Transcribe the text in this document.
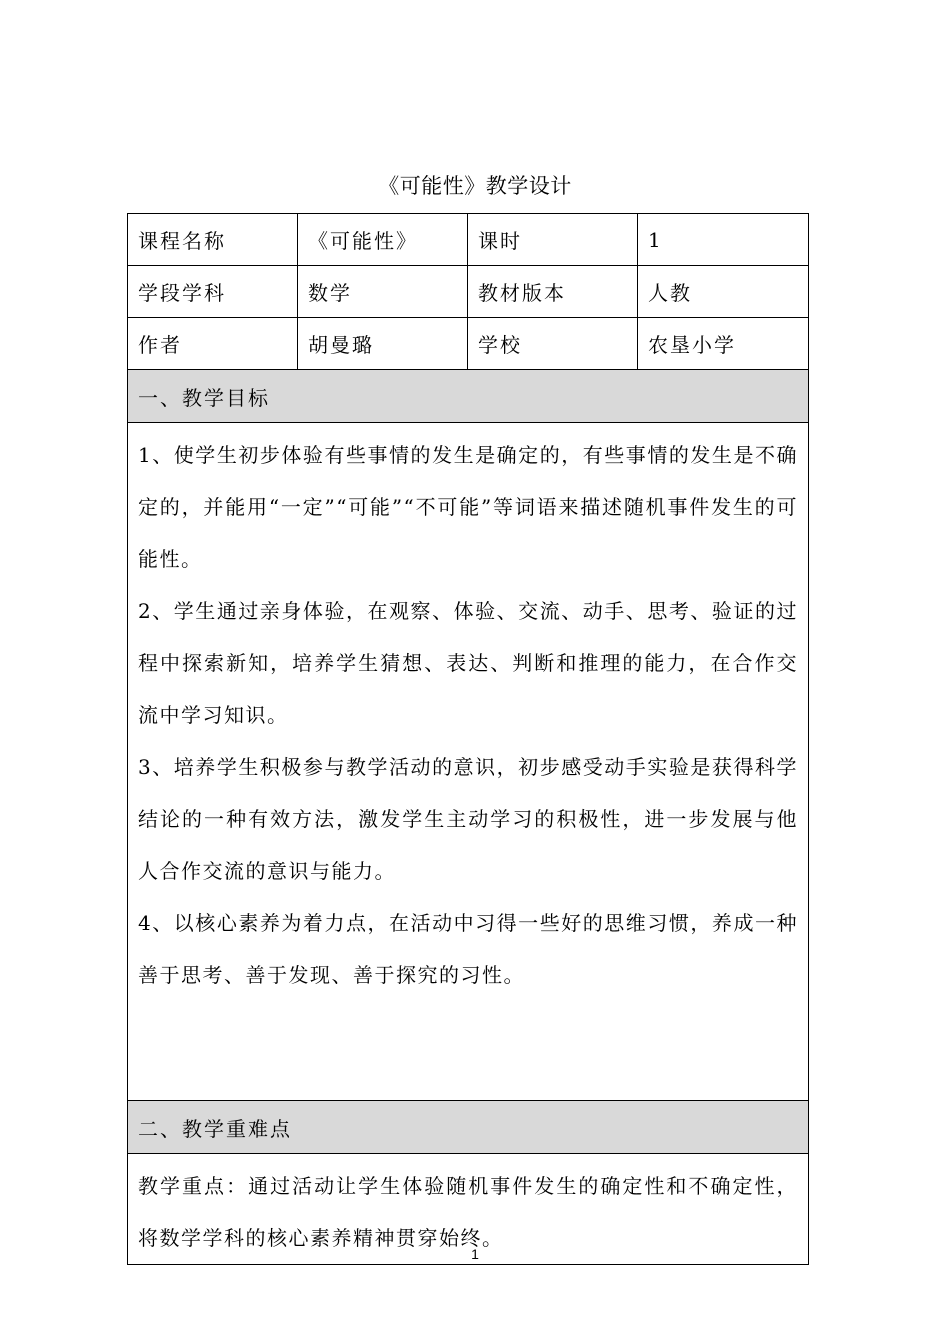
《可能性》教学设计
课程名称	《可能性》	课时	1
学段学科	数学	教材版本	人教
作者	胡曼璐	学校	农垦小学
一、教学目标			

1、使学生初步体验有些事情的发生是确定的，有些事情的发生是不确定的，并能用“一定”“可能”“不可能”等词语来描述随机事件发生的可能性。

2、学生通过亲身体验，在观察、体验、交流、动手、思考、验证的过程中探索新知，培养学生猜想、表达、判断和推理的能力，在合作交流中学习知识。

3、培养学生积极参与教学活动的意识，初步感受动手实验是获得科学结论的一种有效方法，激发学生主动学习的积极性，进一步发展与他人合作交流的意识与能力。

4、以核心素养为着力点，在活动中习得一些好的思维习惯，养成一种善于思考、善于发现、善于探究的习性。			

二、教学重难点			

教学重点：通过活动让学生体验随机事件发生的确定性和不确定性，将数学学科的核心素养精神贯穿始终。			

1
